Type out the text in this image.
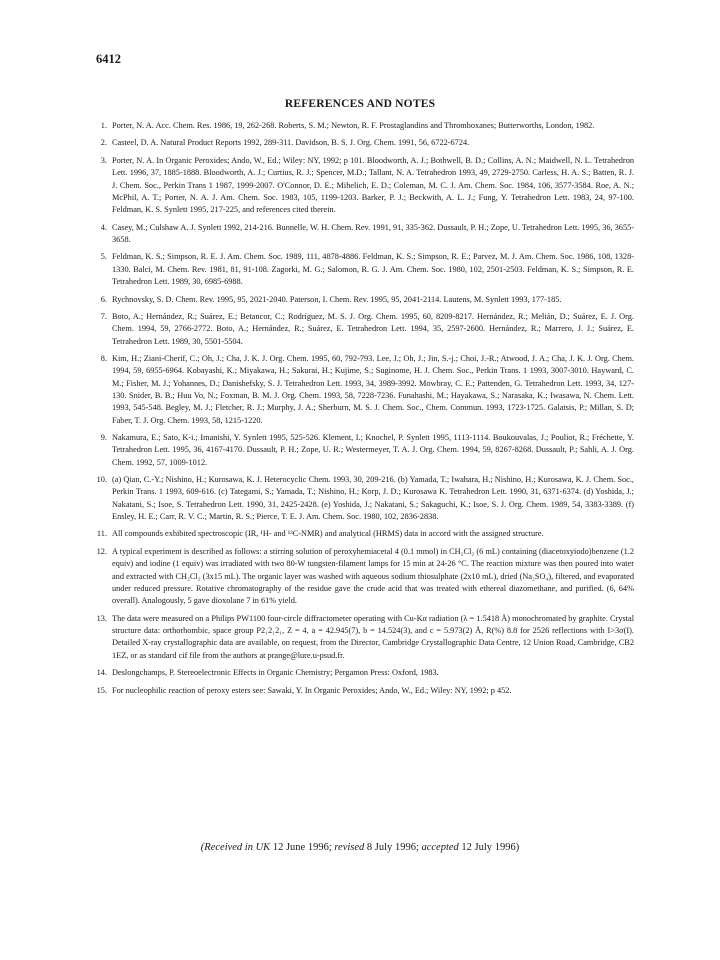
6412
REFERENCES AND NOTES
1. Porter, N. A. Acc. Chem. Res. 1986, 19, 262-268. Roberts, S. M.; Newton, R. F. Prostaglandins and Thromboxanes; Butterworths, London, 1982.
2. Casteel, D. A. Natural Product Reports 1992, 289-311. Davidson, B. S. J. Org. Chem. 1991, 56, 6722-6724.
3. Porter, N. A. In Organic Peroxides; Ando, W., Ed.; Wiley: NY, 1992; p 101. Bloodworth, A. J.; Bothwell, B. D.; Collins, A. N.; Maidwell, N. L. Tetrahedron Lett. 1996, 37, 1885-1888. Bloodworth, A. J.; Curtius, R. J.; Spencer, M.D.; Tallant, N. A. Tetrahedron 1993, 49, 2729-2750. Carless, H. A. S.; Batten, R. J. J. Chem. Soc., Perkin Trans 1 1987, 1999-2007. O'Connor, D. E.; Mihelich, E. D.; Coleman, M. C. J. Am. Chem. Soc. 1984, 106, 3577-3584. Roe, A. N.; McPhil, A. T.; Porter, N. A. J. Am. Chem. Soc. 1983, 105, 1199-1203. Barker, P. J.; Beckwith, A. L. J.; Fung, Y. Tetrahedron Lett. 1983, 24, 97-100. Feldman, K. S. Synlett 1995, 217-225, and references cited therein.
4. Casey, M.; Culshaw A. J. Synlett 1992, 214-216. Bunnelle, W. H. Chem. Rev. 1991, 91, 335-362. Dussault, P. H.; Zope, U. Tetrahedron Lett. 1995, 36, 3655-3658.
5. Feldman, K. S.; Simpson, R. E. J. Am. Chem. Soc. 1989, 111, 4878-4886. Feldman, K. S.; Simpson, R. E.; Parvez, M. J. Am. Chem. Soc. 1986, 108, 1328-1330. Balci, M. Chem. Rev. 1981, 81, 91-108. Zagorki, M. G.; Salomon, R. G. J. Am. Chem. Soc. 1980, 102, 2501-2503. Feldman, K. S.; Simpson, R. E. Tetrahedron Lett. 1989, 30, 6985-6988.
6. Rychnovsky, S. D. Chem. Rev. 1995, 95, 2021-2040. Paterson, I. Chem. Rev. 1995, 95, 2041-2114. Lautens, M. Synlett 1993, 177-185.
7. Boto, A.; Hernández, R.; Suárez, E.; Betancor, C.; Rodríguez, M. S. J. Org. Chem. 1995, 60, 8209-8217. Hernández, R.; Melián, D.; Suárez, E. J. Org. Chem. 1994, 59, 2766-2772. Boto, A.; Hernández, R.; Suárez, E. Tetrahedron Lett. 1994, 35, 2597-2600. Hernández, R.; Marrero, J. J.; Suárez, E. Tetrahedron Lett. 1989, 30, 5501-5504.
8. Kim, H.; Ziani-Cherif, C.; Oh, J.; Cha, J. K. J. Org. Chem. 1995, 60, 792-793. Lee, J.; Oh, J.; Jin, S.-j.; Choi, J.-R.; Atwood, J. A.; Cha, J. K. J. Org. Chem. 1994, 59, 6955-6964. Kobayashi, K.; Miyakawa, H.; Sakurai, H.; Kujime, S.; Suginome, H. J. Chem. Soc., Perkin Trans. 1 1993, 3007-3010. Hayward, C. M.; Fisher, M. J.; Yohannes, D.; Danishefsky, S. J. Tetrahedron Lett. 1993, 34, 3989-3992. Mowbray, C. E.; Pattenden, G. Tetrahedron Lett. 1993, 34, 127-130. Snider, B. B.; Huu Vo, N.; Foxman, B. M. J. Org. Chem. 1993, 58, 7228-7236. Funahashi, M.; Hayakawa, S.; Narasaka, K.; Iwasawa, N. Chem. Lett. 1993, 545-548. Begley, M. J.; Fletcher, R. J.; Murphy, J. A.; Sherburn, M. S. J. Chem. Soc., Chem. Commun. 1993, 1723-1725. Galatsis, P.; Millan, S. D; Faber, T. J. Org. Chem. 1993, 58, 1215-1220.
9. Nakamura, E.; Sato, K-i.; Imanishi, Y. Synlett 1995, 525-526. Klement, I.; Knochel, P. Synlett 1995, 1113-1114. Boukouvalas, J.; Pouliot, R.; Fréchette, Y. Tetrahedron Lett. 1995, 36, 4167-4170. Dussault, P. H.; Zope, U. R.; Westermeyer, T. A. J. Org. Chem. 1994, 59, 8267-8268. Dussault, P.; Sahli, A. J. Org. Chem. 1992, 57, 1009-1012.
10. (a) Qian, C.-Y.; Nishino, H.; Kurosawa, K. J. Heterocyclic Chem. 1993, 30, 209-216. (b) Yamada, T.; Iwahara, H.; Nishino, H.; Kurosawa, K. J. Chem. Soc., Perkin Trans. 1 1993, 609-616. (c) Tategami, S.; Yamada, T.; Nishino, H.; Korp, J. D.; Kurosawa K. Tetrahedron Lett. 1990, 31, 6371-6374. (d) Yoshida, J.; Nakatani, S.; Isoe, S. Tetrahedron Lett. 1990, 31, 2425-2428. (e) Yoshida, J.; Nakatani, S.; Sakaguchi, K.; Isoe, S. J. Org. Chem. 1989, 54, 3383-3389. (f) Ensley, H. E.; Carr, R. V. C.; Martin, R. S.; Pierce, T. E. J. Am. Chem. Soc. 1980, 102, 2836-2838.
11. All compounds exhibited spectroscopic (IR, ¹H- and ¹³C-NMR) and analytical (HRMS) data in accord with the assigned structure.
12. A typical experiment is described as follows: a stirring solution of peroxyhemiacetal 4 (0.1 mmol) in CH₂Cl₂ (6 mL) containing (diacetoxyiodo)benzene (1.2 equiv) and iodine (1 equiv) was irradiated with two 80-W tungsten-filament lamps for 15 min at 24-26 °C. The reaction mixture was then poured into water and extracted with CH₂Cl₂ (3x15 mL). The organic layer was washed with aqueous sodium thiosulphate (2x10 mL), dried (Na₂SO₄), filtered, and evaporated under reduced pressure. Rotative chromatography of the residue gave the crude acid that was treated with ethereal diazomethane, and purified. (6, 64% overall). Analogously, 5 gave dioxolane 7 in 61% yield.
13. The data were measured on a Philips PW1100 four-circle diffractometer operating with Cu-Kα radiation (λ = 1.5418 Å) monochromated by graphite. Crystal structure data: orthorhombic, space group P2₁2₁2₁, Z = 4, a = 42.945(7), b = 14.524(3), and c = 5.973(2) Å, R(%) 8.8 for 2526 reflections with I>3σ(I). Detailed X-ray crystallographic data are available, on request, from the Director, Cambridge Crystallographic Data Centre, 12 Union Road, Cambridge, CB2 1EZ, or as standard cif file from the authors at prange@lure.u-psud.fr.
14. Deslongchamps, P. Stereoelectronic Effects in Organic Chemistry; Pergamon Press: Oxford, 1983.
15. For nucleophilic reaction of peroxy esters see: Sawaki, Y. In Organic Peroxides; Ando, W., Ed.; Wiley: NY, 1992; p 452.
(Received in UK 12 June 1996; revised 8 July 1996; accepted 12 July 1996)
